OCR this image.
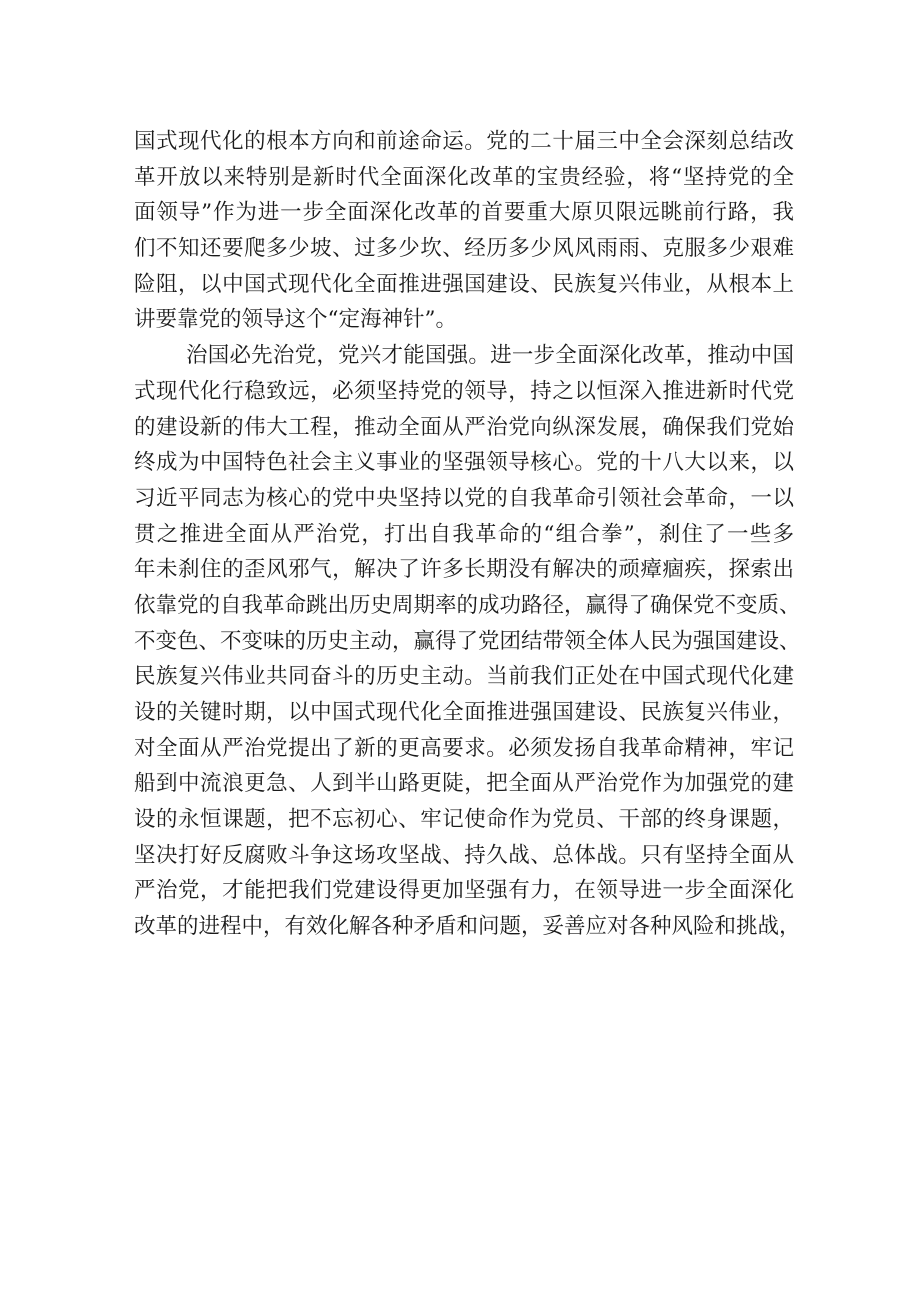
国式现代化的根本方向和前途命运。党的二十届三中全会深刻总结改
革开放以来特别是新时代全面深化改革的宝贵经验，将“坚持党的全
面领导”作为进一步全面深化改革的首要重大原贝限远眺前行路，我
们不知还要爬多少坡、过多少坎、经历多少风风雨雨、克服多少艰难
险阻，以中国式现代化全面推进强国建设、民族复兴伟业，从根本上
讲要靠党的领导这个“定海神针”。
治国必先治党，党兴才能国强。进一步全面深化改革，推动中国
式现代化行稳致远，必须坚持党的领导，持之以恒深入推进新时代党
的建设新的伟大工程，推动全面从严治党向纵深发展，确保我们党始
终成为中国特色社会主义事业的坚强领导核心。党的十八大以来，以
习近平同志为核心的党中央坚持以党的自我革命引领社会革命，一以
贯之推进全面从严治党，打出自我革命的“组合拳”，刹住了一些多
年未刹住的歪风邪气，解决了许多长期没有解决的顽瘴痼疾，探索出
依靠党的自我革命跳出历史周期率的成功路径，赢得了确保党不变质、
不变色、不变味的历史主动，赢得了党团结带领全体人民为强国建设、
民族复兴伟业共同奋斗的历史主动。当前我们正处在中国式现代化建
设的关键时期，以中国式现代化全面推进强国建设、民族复兴伟业，
对全面从严治党提出了新的更高要求。必须发扬自我革命精神，牢记
船到中流浪更急、人到半山路更陡，把全面从严治党作为加强党的建
设的永恒课题，把不忘初心、牢记使命作为党员、干部的终身课题，
坚决打好反腐败斗争这场攻坚战、持久战、总体战。只有坚持全面从
严治党，才能把我们党建设得更加坚强有力，在领导进一步全面深化
改革的进程中，有效化解各种矛盾和问题，妥善应对各种风险和挑战，
